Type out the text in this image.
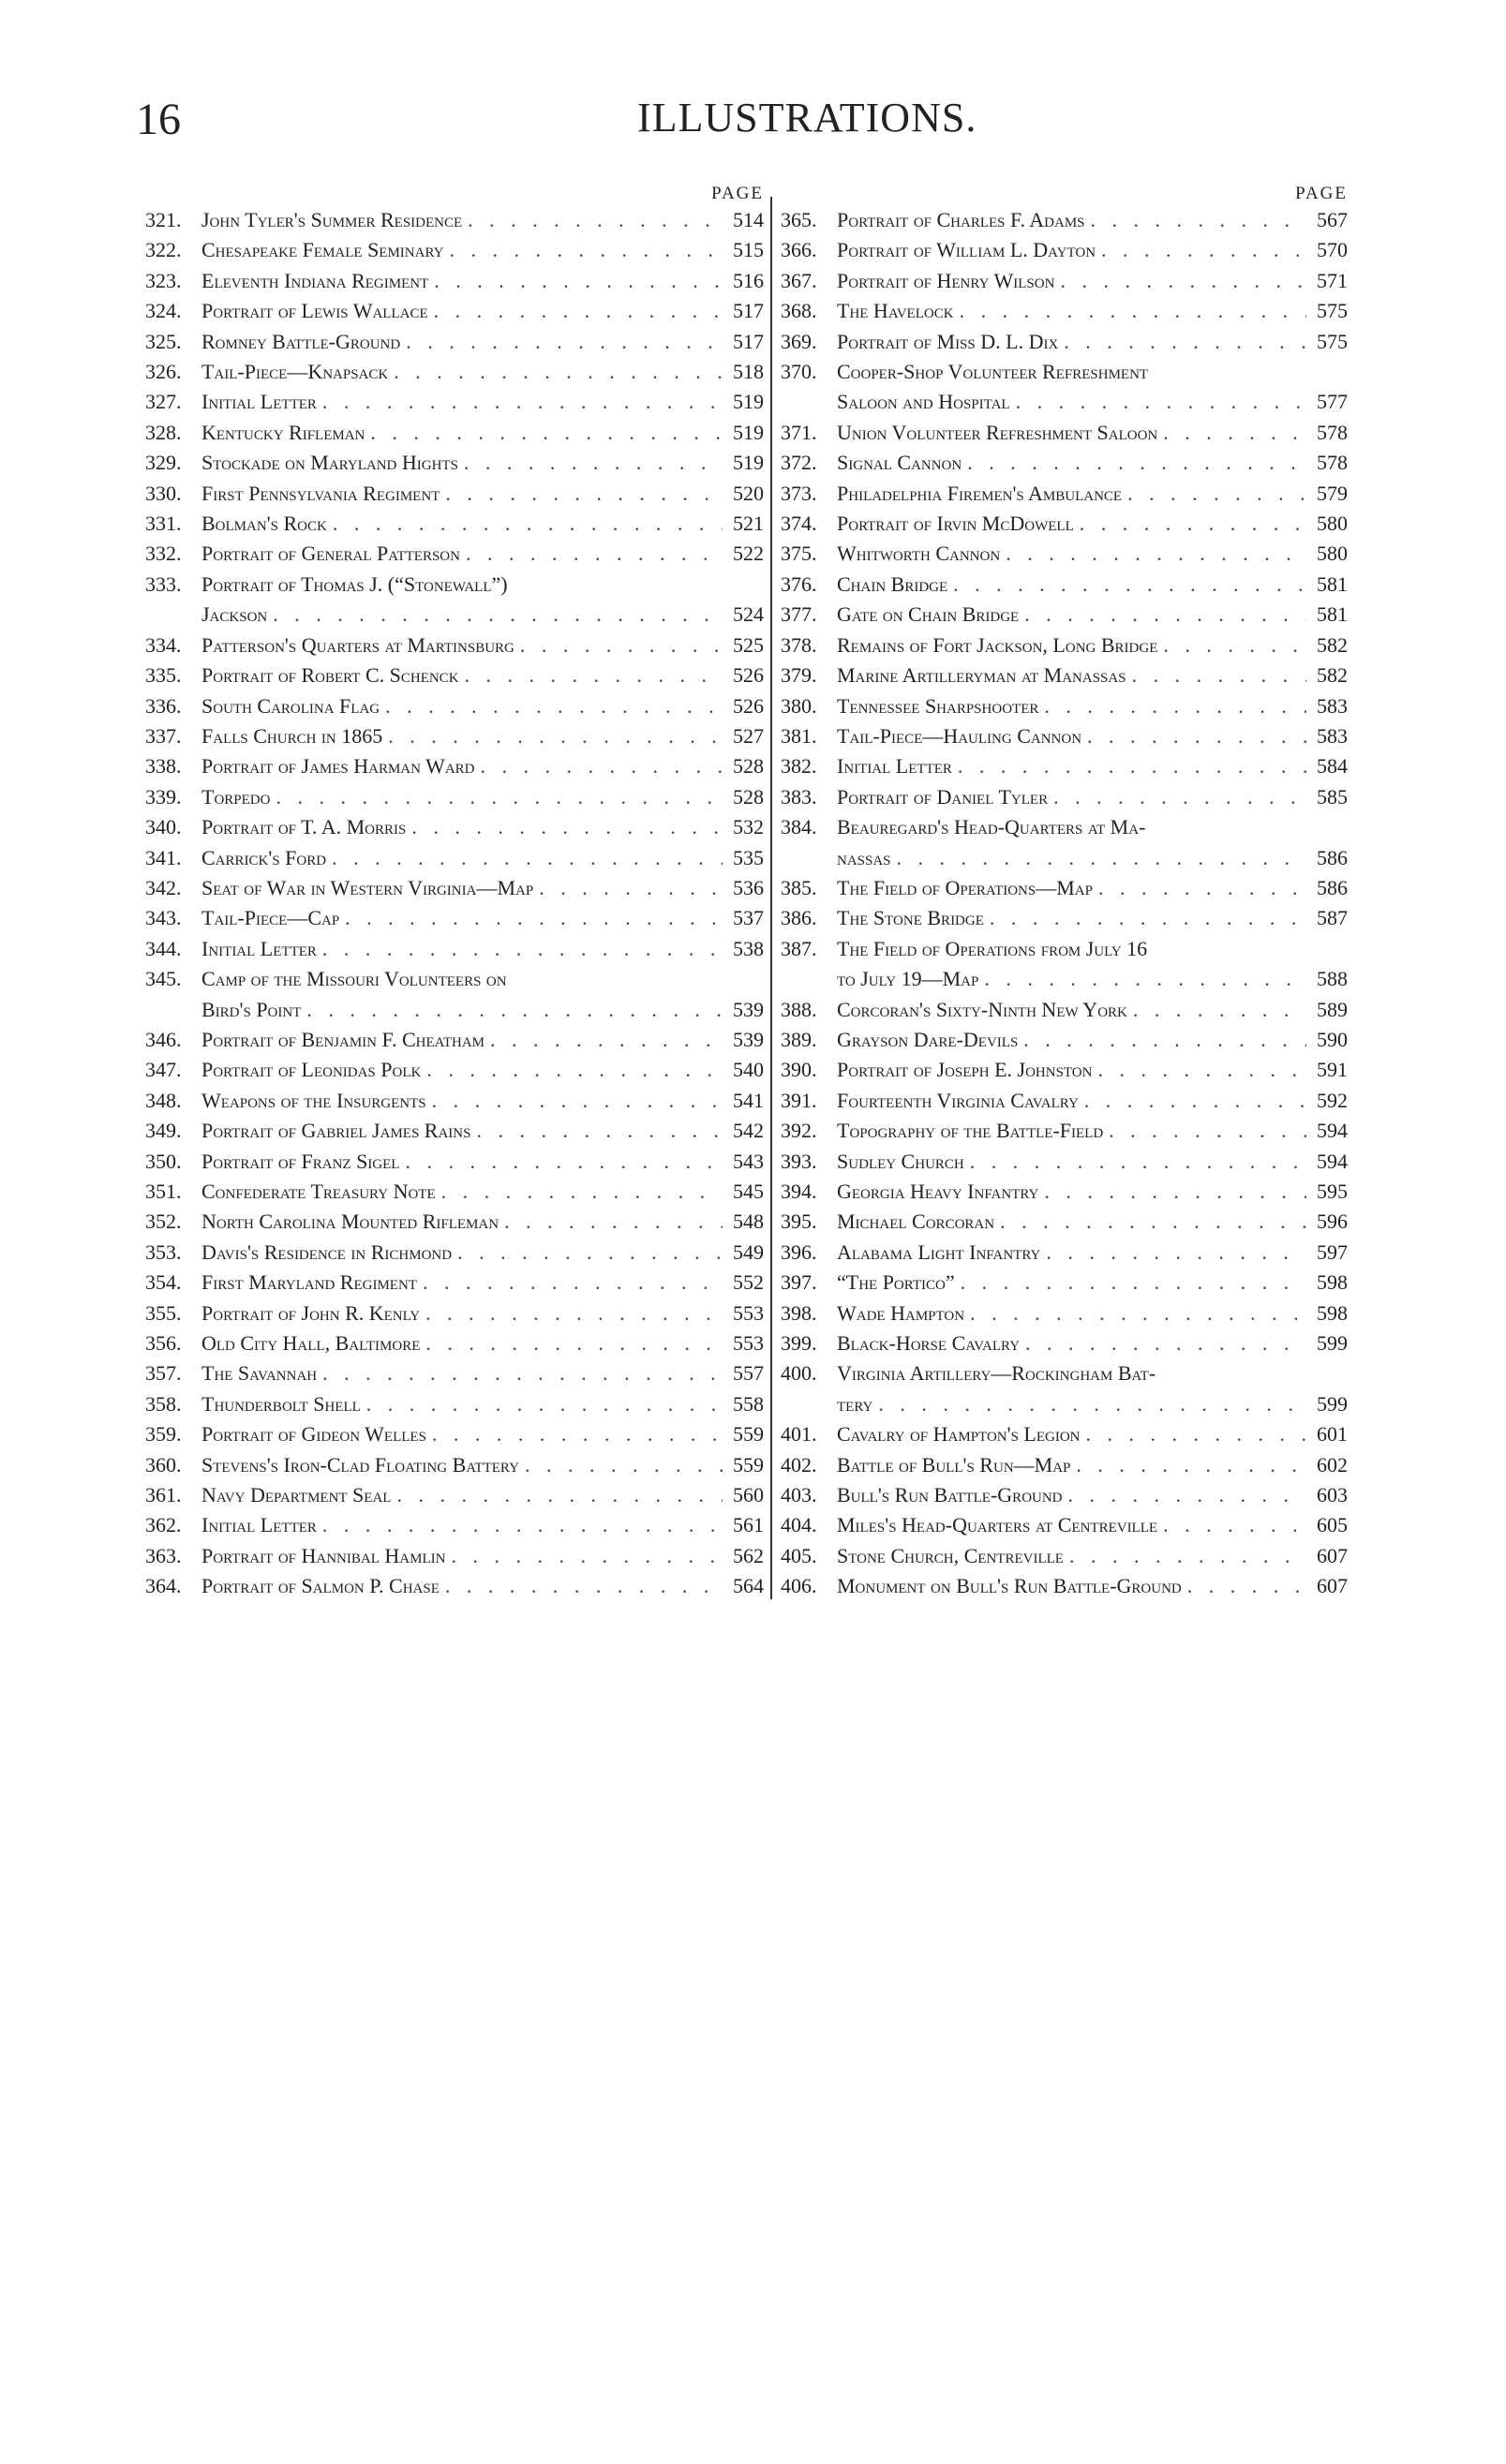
16	ILLUSTRATIONS.
PAGE
321. John Tyler's Summer Residence . . .	514
322. Chesapeake Female Seminary . . .	515
323. Eleventh Indiana Regiment . . .	516
324. Portrait of Lewis Wallace . . .	517
325. Romney Battle-Ground . . .	517
326. Tail-Piece—Knapsack . . .	518
327. Initial Letter . . .	519
328. Kentucky Rifleman . . .	519
329. Stockade on Maryland Hights . . .	519
330. First Pennsylvania Regiment . . .	520
331. Bolman's Rock . . .	521
332. Portrait of General Patterson . . .	522
333. Portrait of Thomas J. (“Stonewall”)
Jackson . . .	524
334. Patterson's Quarters at Martinsburg . . .	525
335. Portrait of Robert C. Schenck . . .	526
336. South Carolina Flag . . .	526
337. Falls Church in 1865 . . .	527
338. Portrait of James Harman Ward . . .	528
339. Torpedo . . .	528
340. Portrait of T. A. Morris . . .	532
341. Carrick's Ford . . .	535
342. Seat of War in Western Virginia—Map . . .	536
343. Tail-Piece—Cap . . .	537
344. Initial Letter . . .	538
345. Camp of the Missouri Volunteers on
Bird's Point . . .	539
346. Portrait of Benjamin F. Cheatham . . .	539
347. Portrait of Leonidas Polk . . .	540
348. Weapons of the Insurgents . . .	541
349. Portrait of Gabriel James Rains . . .	542
350. Portrait of Franz Sigel . . .	543
351. Confederate Treasury Note . . .	545
352. North Carolina Mounted Rifleman . . .	548
353. Davis's Residence in Richmond . . .	549
354. First Maryland Regiment . . .	552
355. Portrait of John R. Kenly . . .	553
356. Old City Hall, Baltimore . . .	553
357. The Savannah . . .	557
358. Thunderbolt Shell . . .	558
359. Portrait of Gideon Welles . . .	559
360. Stevens's Iron-Clad Floating Battery . . .	559
361. Navy Department Seal . . .	560
362. Initial Letter . . .	561
363. Portrait of Hannibal Hamlin . . .	562
364. Portrait of Salmon P. Chase . . .	564
PAGE
365. Portrait of Charles F. Adams . . .	567
366. Portrait of William L. Dayton . . .	570
367. Portrait of Henry Wilson . . .	571
368. The Havelock . . .	575
369. Portrait of Miss D. L. Dix . . .	575
370. Cooper-Shop Volunteer Refreshment
Saloon and Hospital . . .	577
371. Union Volunteer Refreshment Saloon . . .	578
372. Signal Cannon . . .	578
373. Philadelphia Firemen's Ambulance . . .	579
374. Portrait of Irvin McDowell . . .	580
375. Whitworth Cannon . . .	580
376. Chain Bridge . . .	581
377. Gate on Chain Bridge . . .	581
378. Remains of Fort Jackson, Long Bridge . . .	582
379. Marine Artilleryman at Manassas . . .	582
380. Tennessee Sharpshooter . . .	583
381. Tail-Piece—Hauling Cannon . . .	583
382. Initial Letter . . .	584
383. Portrait of Daniel Tyler . . .	585
384. Beauregard's Head-Quarters at Ma-
nassas . . .	586
385. The Field of Operations—Map . . .	586
386. The Stone Bridge . . .	587
387. The Field of Operations from July 16
to July 19—Map . . .	588
388. Corcoran's Sixty-Ninth New York . . .	589
389. Grayson Dare-Devils . . .	590
390. Portrait of Joseph E. Johnston . . .	591
391. Fourteenth Virginia Cavalry . . .	592
392. Topography of the Battle-Field . . .	594
393. Sudley Church . . .	594
394. Georgia Heavy Infantry . . .	595
395. Michael Corcoran . . .	596
396. Alabama Light Infantry . . .	597
397. “The Portico” . . .	598
398. Wade Hampton . . .	598
399. Black-Horse Cavalry . . .	599
400. Virginia Artillery—Rockingham Bat-
tery . . .	599
401. Cavalry of Hampton's Legion . . .	601
402. Battle of Bull's Run—Map . . .	602
403. Bull's Run Battle-Ground . . .	603
404. Miles's Head-Quarters at Centreville . . .	605
405. Stone Church, Centreville . . .	607
406. Monument on Bull's Run Battle-Ground . . .	607
